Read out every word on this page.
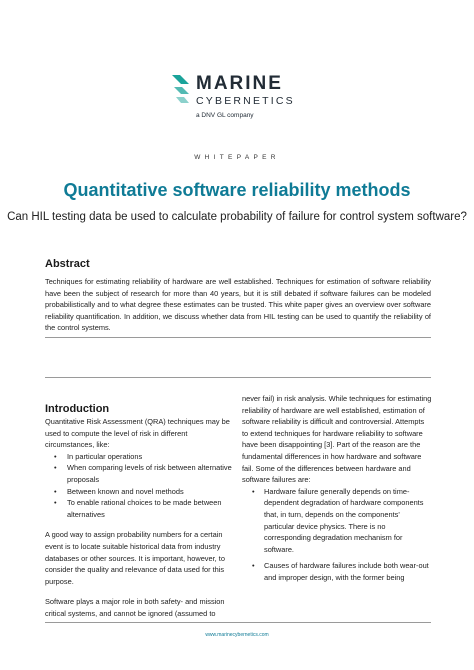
MARINE
CYBERNETICS
a DNV GL company
WHITEPAPER
Quantitative software reliability methods
Can HIL testing data be used to calculate probability of failure for control system software?
Abstract
Techniques for estimating reliability of hardware are well established. Techniques for estimation of software reliability have been the subject of research for more than 40 years, but it is still debated if software failures can be modeled probabilistically and to what degree these estimates can be trusted. This white paper gives an overview over software reliability quantification. In addition, we discuss whether data from HIL testing can be used to quantify the reliability of the control systems.
Introduction

Quantitative Risk Assessment (QRA) techniques may be used to compute the level of risk in different circumstances, like:

• In particular operations
• When comparing levels of risk between alternative proposals
• Between known and novel methods
• To enable rational choices to be made between alternatives

A good way to assign probability numbers for a certain event is to locate suitable historical data from industry databases or other sources. It is important, however, to consider the quality and relevance of data used for this purpose.

Software plays a major role in both safety- and mission critical systems, and cannot be ignored (assumed to

never fail) in risk analysis. While techniques for estimating reliability of hardware are well established, estimation of software reliability is difficult and controversial. Attempts to extend techniques for hardware reliability to software have been disappointing [3]. Part of the reason are the fundamental differences in how hardware and software fail. Some of the differences between hardware and software failures are:

• Hardware failure generally depends on time-dependent degradation of hardware components that, in turn, depends on the components' particular device physics. There is no corresponding degradation mechanism for software.
• Causes of hardware failures include both wear-out and improper design, with the former being
www.marinecybernetics.com
